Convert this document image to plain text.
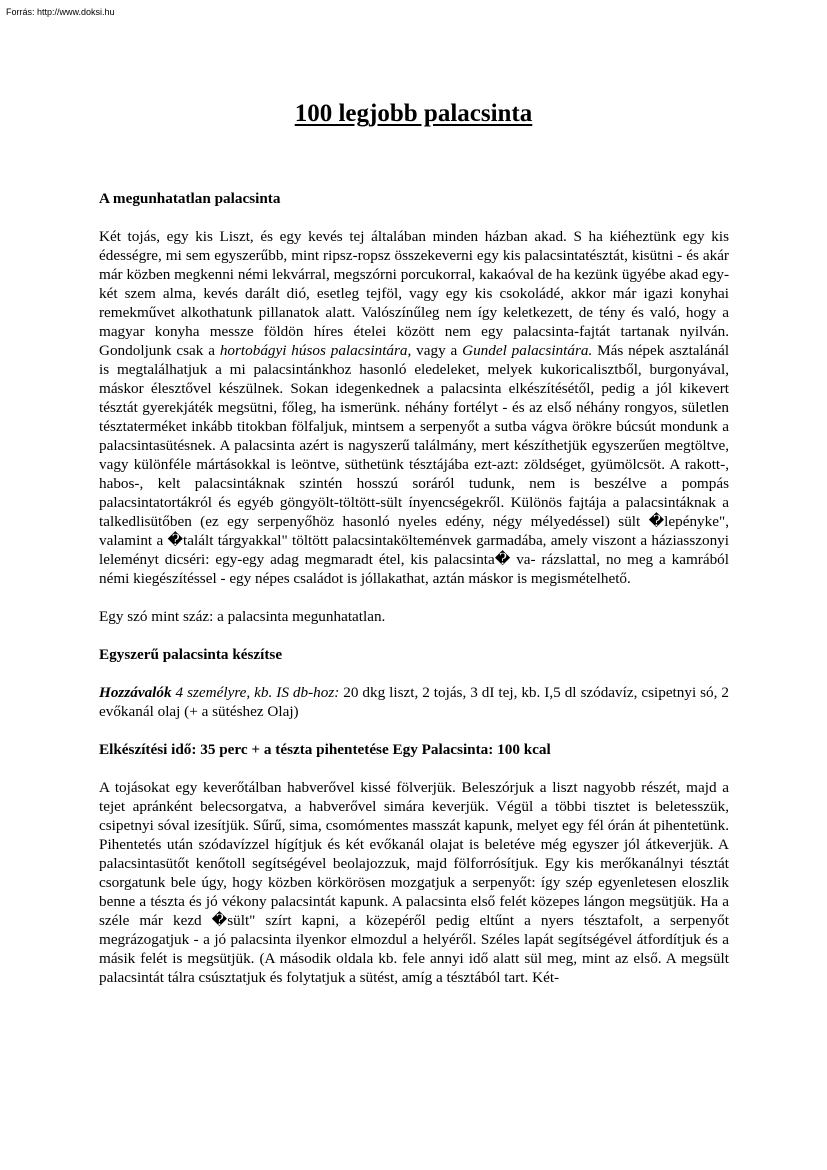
Forrás: http://www.doksi.hu
100 legjobb palacsinta
A megunhatatlan palacsinta

Két tojás, egy kis Liszt, és egy kevés tej általában minden házban akad. S ha kiéheztünk egy kis édességre, mi sem egyszerűbb, mint ripsz-ropsz összekeverni egy kis palacsintatésztát, kisütni - és akár már közben megkenni némi lekvárral, megszórni porcukorral, kakaóval de ha kezünk ügyébe akad egy-két szem alma, kevés darált dió, esetleg tejföl, vagy egy kis csokoládé, akkor már igazi konyhai remekművet alkothatunk pillanatok alatt. Valószínűleg nem így keletkezett, de tény és való, hogy a magyar konyha messze földön híres ételei között nem egy palacsinta-fajtát tartanak nyilván. Gondoljunk csak a hortobágyi húsos palacsintára, vagy a Gundel palacsintára. Más népek asztalánál is megtalálhatjuk a mi palacsintánkhoz hasonló eledeleket, melyek kukoricalisztből, burgonyával, máskor élesztővel készülnek. Sokan idegenkednek a palacsinta elkészítésétől, pedig a jól kikevert tésztát gyerekjáték megsütni, főleg, ha ismerünk. néhány fortélyt - és az első néhány rongyos, sületlen tésztaterméket inkább titokban fölfaljuk, mintsem a serpenyőt a sutba vágva örökre búcsút mondunk a palacsintasütésnek. A palacsinta azért is nagyszerű találmány, mert készíthetjük egyszerűen megtöltve, vagy különféle mártásokkal is leöntve, süthetünk tésztájába ezt-azt: zöldséget, gyümölcsöt. A rakott-, habos-, kelt palacsintáknak szintén hosszú soráról tudunk, nem is beszélve a pompás palacsintatortákról és egyéb göngyölt-töltött-sült ínyencségekről. Különös fajtája a palacsintáknak a talkedlisütőben (ez egy serpenyőhöz hasonló nyeles edény, négy mélyedéssel) sült �lepényke", valamint a �talált tárgyakkal" töltött palacsintakölteménvek garmadába, amely viszont a háziasszonyi leleményt dicséri: egy-egy adag megmaradt étel, kis palacsinta� va- rázslattal, no meg a kamrából némi kiegészítéssel - egy népes családot is jóllakathat, aztán máskor is megismételhető.

Egy szó mint száz: a palacsinta megunhatatlan.

Egyszerű palacsinta készítse

Hozzávalók 4 személyre, kb. IS db-hoz: 20 dkg liszt, 2 tojás, 3 dI tej, kb. I,5 dl szódavíz, csipetnyi só, 2 evőkanál olaj (+ a sütéshez Olaj)

Elkészítési idő: 35 perc + a tészta pihentetése Egy Palacsinta: 100 kcal

A tojásokat egy keverőtálban habverővel kissé fölverjük. Beleszórjuk a liszt nagyobb részét, majd a tejet apránként belecsorgatva, a habverővel simára keverjük. Végül a többi tisztet is beletesszük, csipetnyi sóval izesítjük. Sűrű, sima, csomómentes masszát kapunk, melyet egy fél órán át pihentetünk. Pihentetés után szódavízzel hígítjuk és két evőkanál olajat is beletéve még egyszer jól átkeverjük. A palacsintasütőt kenőtoll segítségével beolajozzuk, majd fölforrósítjuk. Egy kis merőkanálnyi tésztát csorgatunk bele úgy, hogy közben körkörösen mozgatjuk a serpenyőt: így szép egyenletesen eloszlik benne a tészta és jó vékony palacsintát kapunk. A palacsinta első felét közepes lángon megsütjük. Ha a széle már kezd �sült" szírt kapni, a közepéről pedig eltűnt a nyers tésztafolt, a serpenyőt megrázogatjuk - a jó palacsinta ilyenkor elmozdul a helyéről. Széles lapát segítségével átfordítjuk és a másik felét is megsütjük. (A második oldala kb. fele annyi idő alatt sül meg, mint az első. A megsült palacsintát tálra csúsztatjuk és folytatjuk a sütést, amíg a tésztából tart. Két-
